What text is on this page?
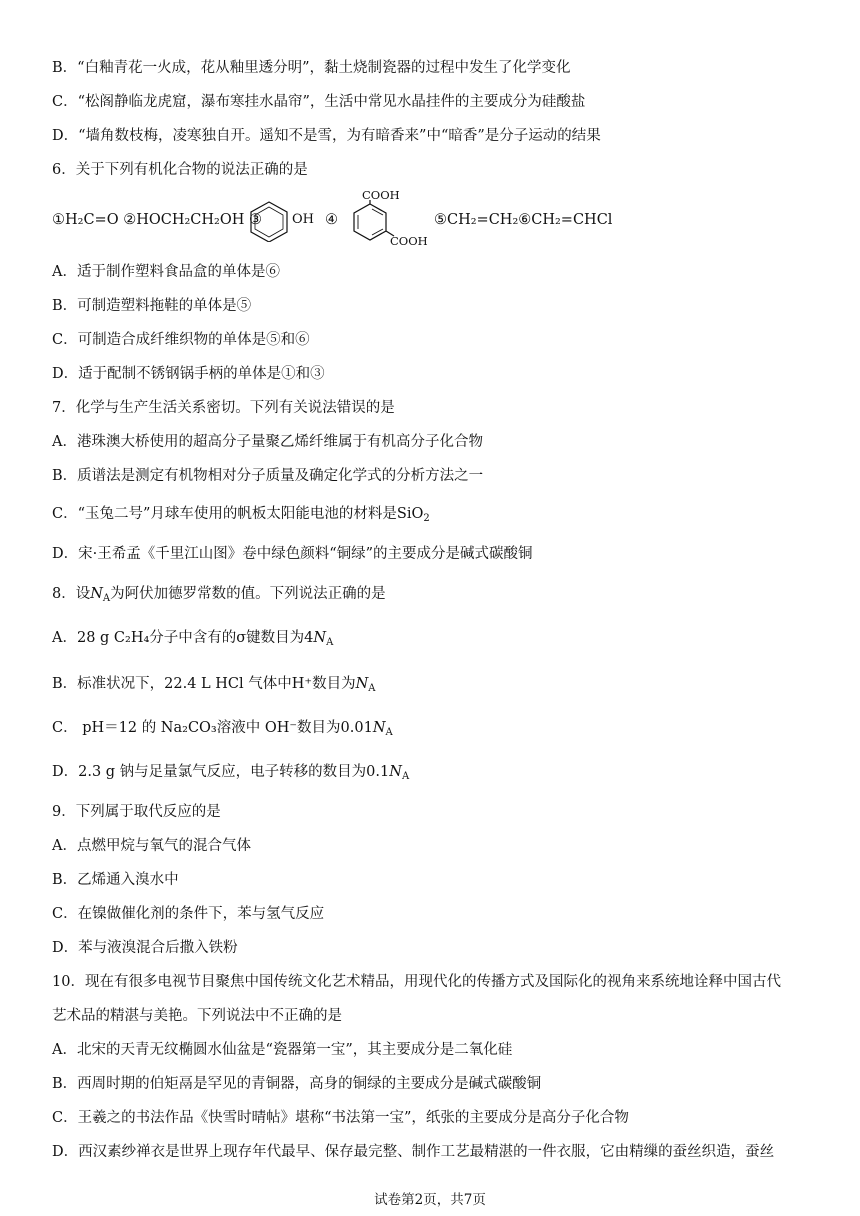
B．“白釉青花一火成，花从釉里透分明”，黏土烧制瓷器的过程中发生了化学变化
C．“松阁静临龙虎窟，瀑布寒挂水晶帘”，生活中常见水晶挂件的主要成分为硅酸盐
D．“墙角数枝梅，凌寒独自开。遥知不是雪，为有暗香来”中“暗香”是分子运动的结果
6．关于下列有机化合物的说法正确的是
①H₂C=O ②HOCH₂CH₂OH ③ OH ④
COOH
COOH
⑤CH₂=CH₂⑥CH₂=CHCl
A．适于制作塑料食品盒的单体是⑥
B．可制造塑料拖鞋的单体是⑤
C．可制造合成纤维织物的单体是⑤和⑥
D．适于配制不锈钢锅手柄的单体是①和③
7．化学与生产生活关系密切。下列有关说法错误的是
A．港珠澳大桥使用的超高分子量聚乙烯纤维属于有机高分子化合物
B．质谱法是测定有机物相对分子质量及确定化学式的分析方法之一
C．“玉兔二号”月球车使用的帆板太阳能电池的材料是SiO$_2$
D．宋·王希孟《千里江山图》卷中绿色颜料“铜绿”的主要成分是碱式碳酸铜
8．设$N_A$为阿伏加德罗常数的值。下列说法正确的是
A．28 g C₂H₄分子中含有的σ键数目为$4N_A$
B．标准状况下，22.4 L HCl 气体中H⁺数目为$N_A$
C． pH＝12 的 Na₂CO₃溶液中 OH⁻数目为$0.01N_A$
D．2.3 g 钠与足量氯气反应，电子转移的数目为$0.1N_A$
9．下列属于取代反应的是
A．点燃甲烷与氧气的混合气体
B．乙烯通入溴水中
C．在镍做催化剂的条件下，苯与氢气反应
D．苯与液溴混合后撒入铁粉
10．现在有很多电视节目聚焦中国传统文化艺术精品，用现代化的传播方式及国际化的视角来系统地诠释中国古代
艺术品的精湛与美艳。下列说法中不正确的是
A．北宋的天青无纹椭圆水仙盆是“瓷器第一宝”，其主要成分是二氧化硅
B．西周时期的伯矩鬲是罕见的青铜器，高身的铜绿的主要成分是碱式碳酸铜
C．王羲之的书法作品《快雪时晴帖》堪称“书法第一宝”，纸张的主要成分是高分子化合物
D．西汉素纱禅衣是世界上现存年代最早、保存最完整、制作工艺最精湛的一件衣服，它由精缫的蚕丝织造，蚕丝
试卷第2页，共7页
